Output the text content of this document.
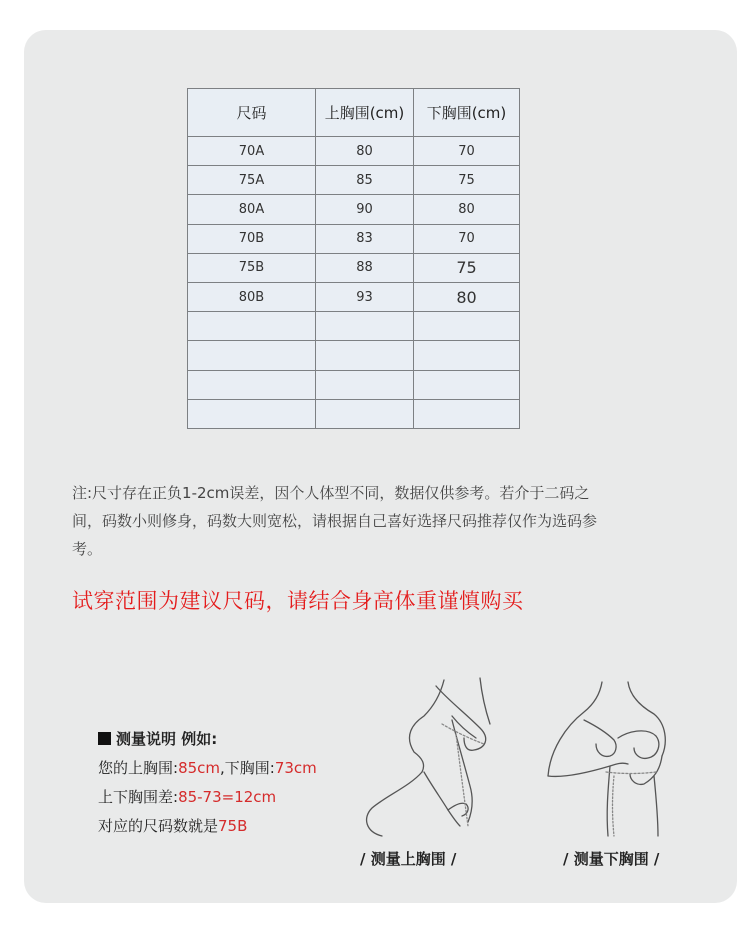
尺码	上胸围(cm)	下胸围(cm)
70A	80	70
75A	85	75
80A	90	80
70B	83	70
75B	88	75
80B	93	80

注:尺寸存在正负1-2cm误差，因个人体型不同，数据仅供参考。若介于二码之间，码数小则修身，码数大则宽松，请根据自己喜好选择尺码推荐仅作为选码参考。

试穿范围为建议尺码，请结合身高体重谨慎购买

测量说明 例如:
您的上胸围:85cm,下胸围:73cm
上下胸围差:85-73=12cm
对应的尺码数就是75B
/ 测量上胸围 /	/ 测量下胸围 /
